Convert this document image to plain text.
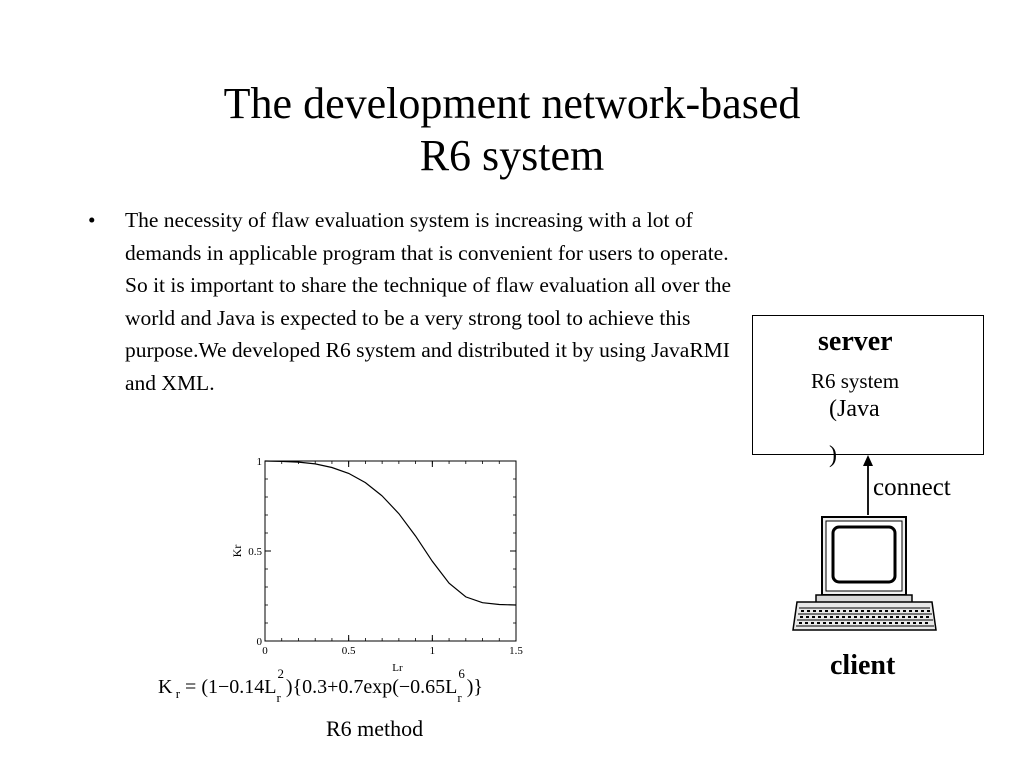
The development network-based
R6 system
• The necessity of flaw evaluation system is increasing with a lot of demands in applicable program that is convenient for users to operate. So it is important to share the technique of flaw evaluation all over the world and Java is expected to be a very strong tool to achieve this purpose.We developed R6 system and distributed it by using JavaRMI and XML.
0	0.5	1	1.5
0
0.5
1
Lr
Kr
K $_r$ = (1−0.14L
2
$_r$ ){0.3+0.7exp(−0.65L
6
$_r$ )}
R6 method
server
R6 system
(Java
)
connect
client
